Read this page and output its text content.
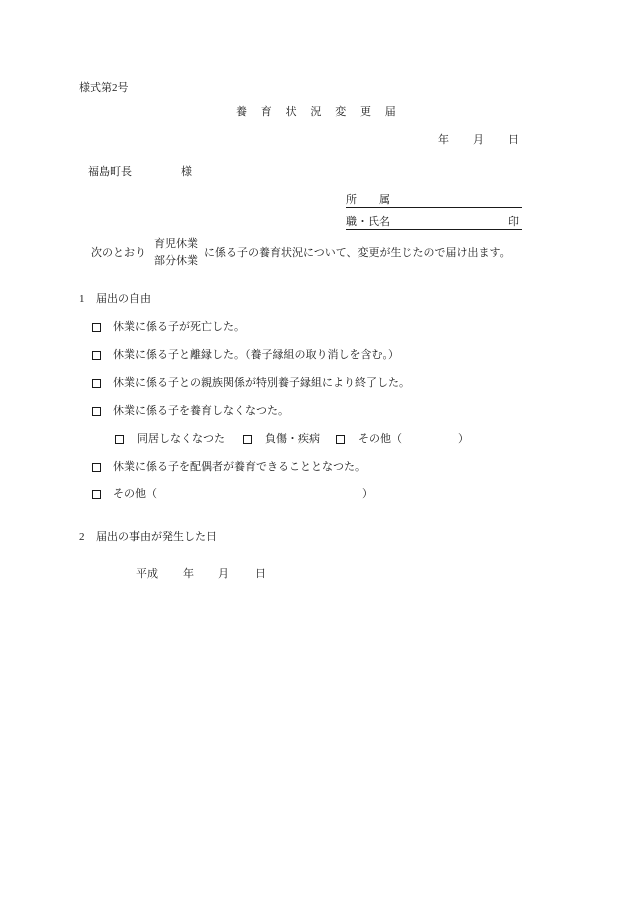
様式第2号
養育状況変更届
年 月 日
福島町長	様
所　　属
職・氏名	印
次のとおり
育児休業
部分休業
に係る子の養育状況について、変更が生じたので届け出ます。
1 届出の自由
休業に係る子が死亡した。
休業に係る子と離縁した。（養子縁組の取り消しを含む。）
休業に係る子との親族関係が特別養子縁組により終了した。
休業に係る子を養育しなくなつた。
同居しなくなつた	負傷・疾病	その他（	）
休業に係る子を配偶者が養育できることとなつた。
その他（	）
2 届出の事由が発生した日
平成 年 月 日
